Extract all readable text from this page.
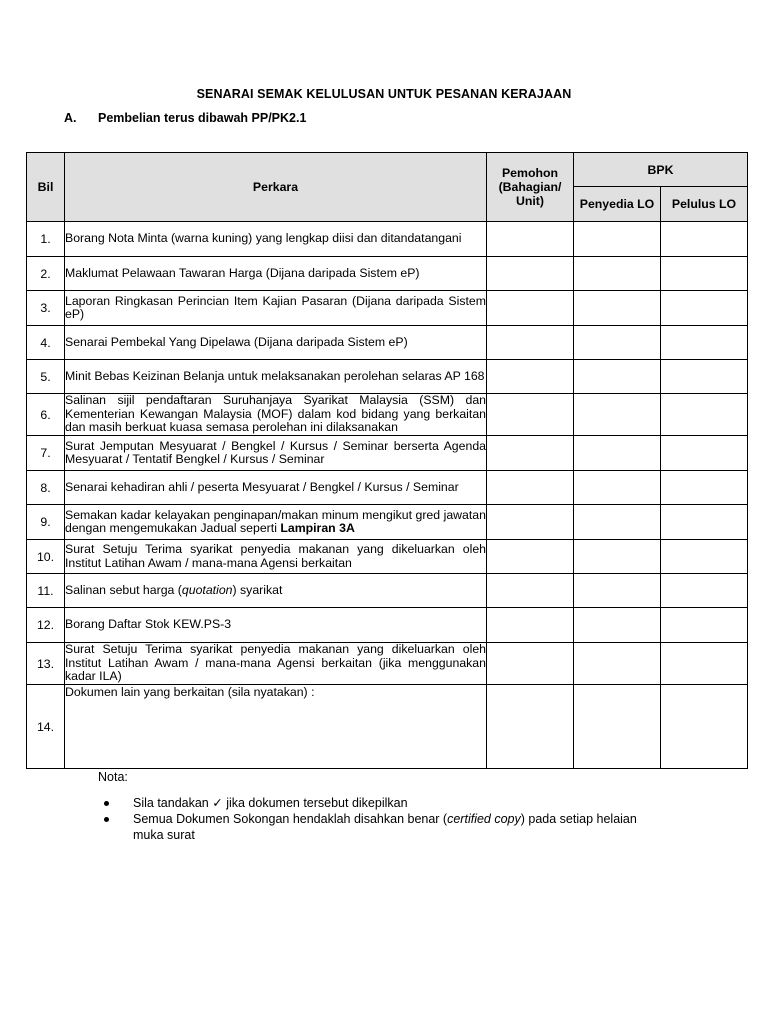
SENARAI SEMAK KELULUSAN UNTUK PESANAN KERAJAAN
A. Pembelian terus dibawah PP/PK2.1
Bil	Perkara	Pemohon (Bahagian/ Unit)	BPK	
			Penyedia LO	Pelulus LO
1.	Borang Nota Minta (warna kuning) yang lengkap diisi dan ditandatangani			
2.	Maklumat Pelawaan Tawaran Harga (Dijana daripada Sistem eP)			
3.	Laporan Ringkasan Perincian Item Kajian Pasaran (Dijana daripada Sistem eP)			
4.	Senarai Pembekal Yang Dipelawa (Dijana daripada Sistem eP)			
5.	Minit Bebas Keizinan Belanja untuk melaksanakan perolehan selaras AP 168			
6.	Salinan sijil pendaftaran Suruhanjaya Syarikat Malaysia (SSM) dan Kementerian Kewangan Malaysia (MOF) dalam kod bidang yang berkaitan dan masih berkuat kuasa semasa perolehan ini dilaksanakan			
7.	Surat Jemputan Mesyuarat / Bengkel / Kursus / Seminar berserta Agenda Mesyuarat / Tentatif Bengkel / Kursus / Seminar			
8.	Senarai kehadiran ahli / peserta Mesyuarat / Bengkel / Kursus / Seminar			
9.	Semakan kadar kelayakan penginapan/makan minum mengikut gred jawatan dengan mengemukakan Jadual seperti Lampiran 3A			
10.	Surat Setuju Terima syarikat penyedia makanan yang dikeluarkan oleh Institut Latihan Awam / mana-mana Agensi berkaitan			
11.	Salinan sebut harga (quotation) syarikat			
12.	Borang Daftar Stok KEW.PS-3			
13.	Surat Setuju Terima syarikat penyedia makanan yang dikeluarkan oleh Institut Latihan Awam / mana-mana Agensi berkaitan (jika menggunakan kadar ILA)			
14.	Dokumen lain yang berkaitan (sila nyatakan) :			
Nota:
Sila tandakan ✓ jika dokumen tersebut dikepilkan
Semua Dokumen Sokongan hendaklah disahkan benar (certified copy) pada setiap helaian muka surat
